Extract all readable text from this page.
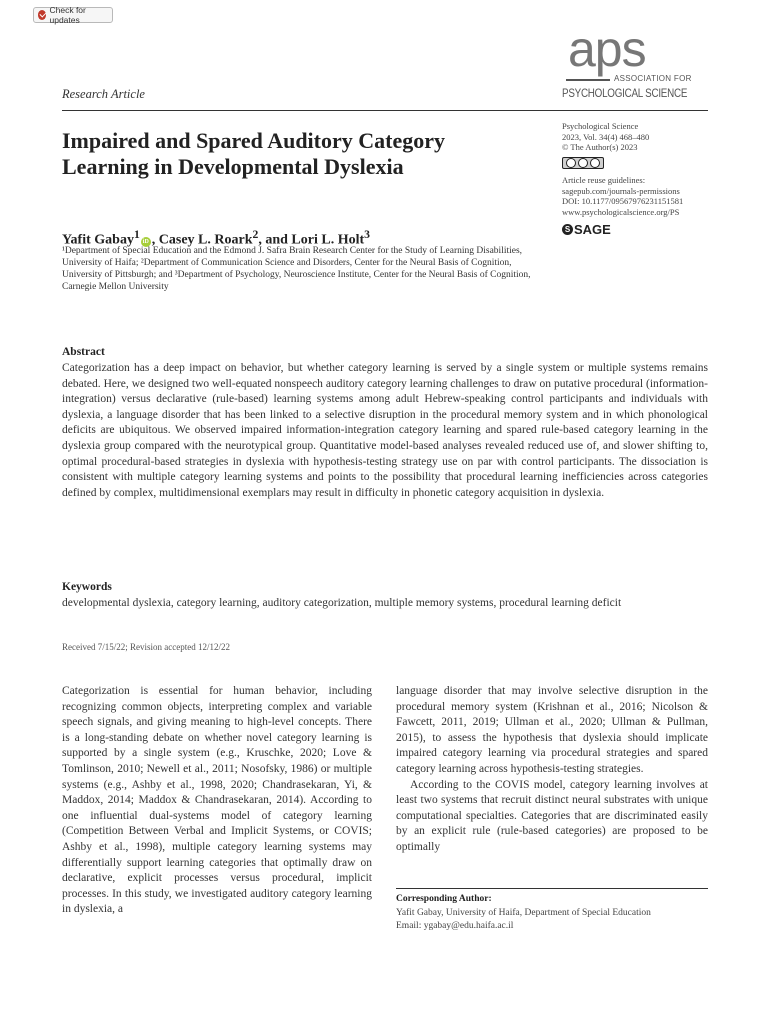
Check for updates
aps
ASSOCIATION FOR
PSYCHOLOGICAL SCIENCE
Research Article
Impaired and Spared Auditory Category Learning in Developmental Dyslexia
Psychological Science
2023, Vol. 34(4) 468–480
© The Author(s) 2023
Article reuse guidelines:
sagepub.com/journals-permissions
DOI: 10.1177/09567976231151581
www.psychologicalscience.org/PS
S SAGE
Yafit Gabay$^1$iD , Casey L. Roark$^2$, and Lori L. Holt$^3$
¹Department of Special Education and the Edmond J. Safra Brain Research Center for the Study of Learning Disabilities, University of Haifa; ²Department of Communication Science and Disorders, Center for the Neural Basis of Cognition, University of Pittsburgh; and ³Department of Psychology, Neuroscience Institute, Center for the Neural Basis of Cognition, Carnegie Mellon University
Abstract
Categorization has a deep impact on behavior, but whether category learning is served by a single system or multiple systems remains debated. Here, we designed two well-equated nonspeech auditory category learning challenges to draw on putative procedural (information-integration) versus declarative (rule-based) learning systems among adult Hebrew-speaking control participants and individuals with dyslexia, a language disorder that has been linked to a selective disruption in the procedural memory system and in which phonological deficits are ubiquitous. We observed impaired information-integration category learning and spared rule-based category learning in the dyslexia group compared with the neurotypical group. Quantitative model-based analyses revealed reduced use of, and slower shifting to, optimal procedural-based strategies in dyslexia with hypothesis-testing strategy use on par with control participants. The dissociation is consistent with multiple category learning systems and points to the possibility that procedural learning inefficiencies across categories defined by complex, multidimensional exemplars may result in difficulty in phonetic category acquisition in dyslexia.
Keywords
developmental dyslexia, category learning, auditory categorization, multiple memory systems, procedural learning deficit
Received 7/15/22; Revision accepted 12/12/22

Categorization is essential for human behavior, including recognizing common objects, interpreting complex and variable speech signals, and giving meaning to high-level concepts. There is a long-standing debate on whether novel category learning is supported by a single system (e.g., Kruschke, 2020; Love & Tomlinson, 2010; Newell et al., 2011; Nosofsky, 1986) or multiple systems (e.g., Ashby et al., 1998, 2020; Chandrasekaran, Yi, & Maddox, 2014; Maddox & Chandrasekaran, 2014). According to one influential dual-systems model of category learning (Competition Between Verbal and Implicit Systems, or COVIS; Ashby et al., 1998), multiple category learning systems may differentially support learning categories that optimally draw on declarative, explicit processes versus procedural, implicit processes. In this study, we investigated auditory category learning in dyslexia, a

language disorder that may involve selective disruption in the procedural memory system (Krishnan et al., 2016; Nicolson & Fawcett, 2011, 2019; Ullman et al., 2020; Ullman & Pullman, 2015), to assess the hypothesis that dyslexia should implicate impaired category learning via procedural strategies and spared category learning across hypothesis-testing strategies.

According to the COVIS model, category learning involves at least two systems that recruit distinct neural substrates with unique computational specialties. Categories that are discriminated easily by an explicit rule (rule-based categories) are proposed to be optimally

Corresponding Author:
Yafit Gabay, University of Haifa, Department of Special Education
Email: ygabay@edu.haifa.ac.il
